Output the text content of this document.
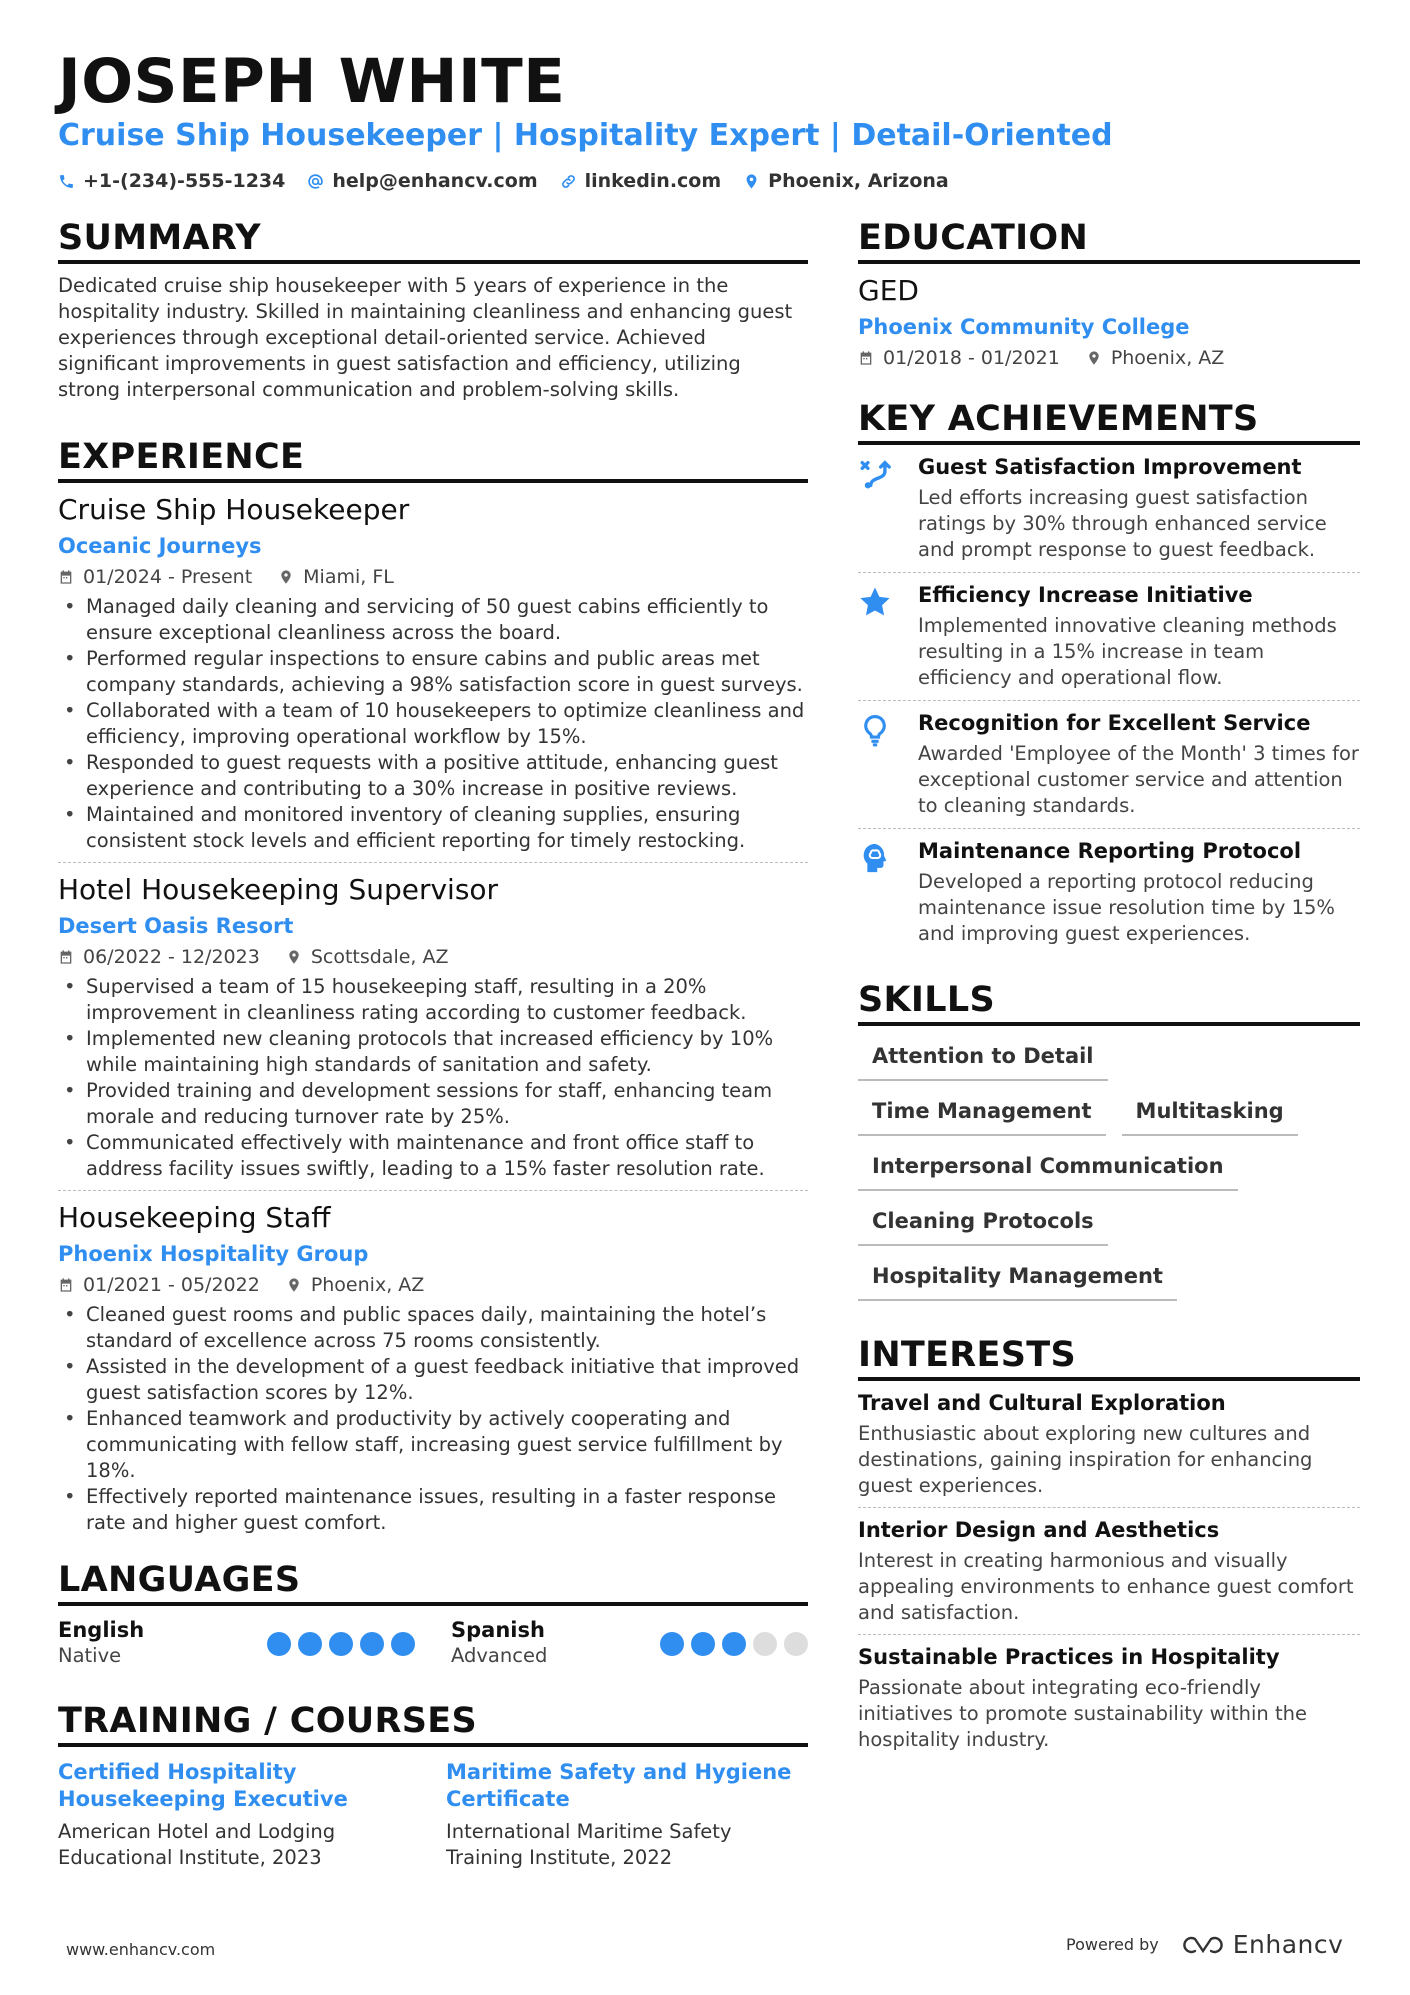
JOSEPH WHITE
Cruise Ship Housekeeper | Hospitality Expert | Detail-Oriented
+1-(234)-555-1234 help@enhancv.com linkedin.com Phoenix, Arizona
SUMMARY
Dedicated cruise ship housekeeper with 5 years of experience in the hospitality industry. Skilled in maintaining cleanliness and enhancing guest experiences through exceptional detail-oriented service. Achieved significant improvements in guest satisfaction and efficiency, utilizing strong interpersonal communication and problem-solving skills.
EXPERIENCE
Cruise Ship Housekeeper
Oceanic Journeys
01/2024 - Present	Miami, FL
• Managed daily cleaning and servicing of 50 guest cabins efficiently to ensure exceptional cleanliness across the board.
• Performed regular inspections to ensure cabins and public areas met company standards, achieving a 98% satisfaction score in guest surveys.
• Collaborated with a team of 10 housekeepers to optimize cleanliness and efficiency, improving operational workflow by 15%.
• Responded to guest requests with a positive attitude, enhancing guest experience and contributing to a 30% increase in positive reviews.
• Maintained and monitored inventory of cleaning supplies, ensuring consistent stock levels and efficient reporting for timely restocking.
Hotel Housekeeping Supervisor
Desert Oasis Resort
06/2022 - 12/2023	Scottsdale, AZ
• Supervised a team of 15 housekeeping staff, resulting in a 20% improvement in cleanliness rating according to customer feedback.
• Implemented new cleaning protocols that increased efficiency by 10% while maintaining high standards of sanitation and safety.
• Provided training and development sessions for staff, enhancing team morale and reducing turnover rate by 25%.
• Communicated effectively with maintenance and front office staff to address facility issues swiftly, leading to a 15% faster resolution rate.
Housekeeping Staff
Phoenix Hospitality Group
01/2021 - 05/2022	Phoenix, AZ
• Cleaned guest rooms and public spaces daily, maintaining the hotel’s standard of excellence across 75 rooms consistently.
• Assisted in the development of a guest feedback initiative that improved guest satisfaction scores by 12%.
• Enhanced teamwork and productivity by actively cooperating and communicating with fellow staff, increasing guest service fulfillment by 18%.
• Effectively reported maintenance issues, resulting in a faster response rate and higher guest comfort.
LANGUAGES
English
Native
Spanish
Advanced
TRAINING / COURSES
Certified Hospitality Housekeeping Executive
American Hotel and Lodging Educational Institute, 2023
Maritime Safety and Hygiene Certificate
International Maritime Safety Training Institute, 2022
EDUCATION
GED
Phoenix Community College
01/2018 - 01/2021	Phoenix, AZ
KEY ACHIEVEMENTS
Guest Satisfaction Improvement
Led efforts increasing guest satisfaction ratings by 30% through enhanced service and prompt response to guest feedback.
Efficiency Increase Initiative
Implemented innovative cleaning methods resulting in a 15% increase in team efficiency and operational flow.
Recognition for Excellent Service
Awarded 'Employee of the Month' 3 times for exceptional customer service and attention to cleaning standards.
Maintenance Reporting Protocol
Developed a reporting protocol reducing maintenance issue resolution time by 15% and improving guest experiences.
SKILLS
Attention to Detail
Time Management	Multitasking
Interpersonal Communication
Cleaning Protocols
Hospitality Management
INTERESTS
Travel and Cultural Exploration
Enthusiastic about exploring new cultures and destinations, gaining inspiration for enhancing guest experiences.
Interior Design and Aesthetics
Interest in creating harmonious and visually appealing environments to enhance guest comfort and satisfaction.
Sustainable Practices in Hospitality
Passionate about integrating eco-friendly initiatives to promote sustainability within the hospitality industry.
www.enhancv.com	Powered by	Enhancv
